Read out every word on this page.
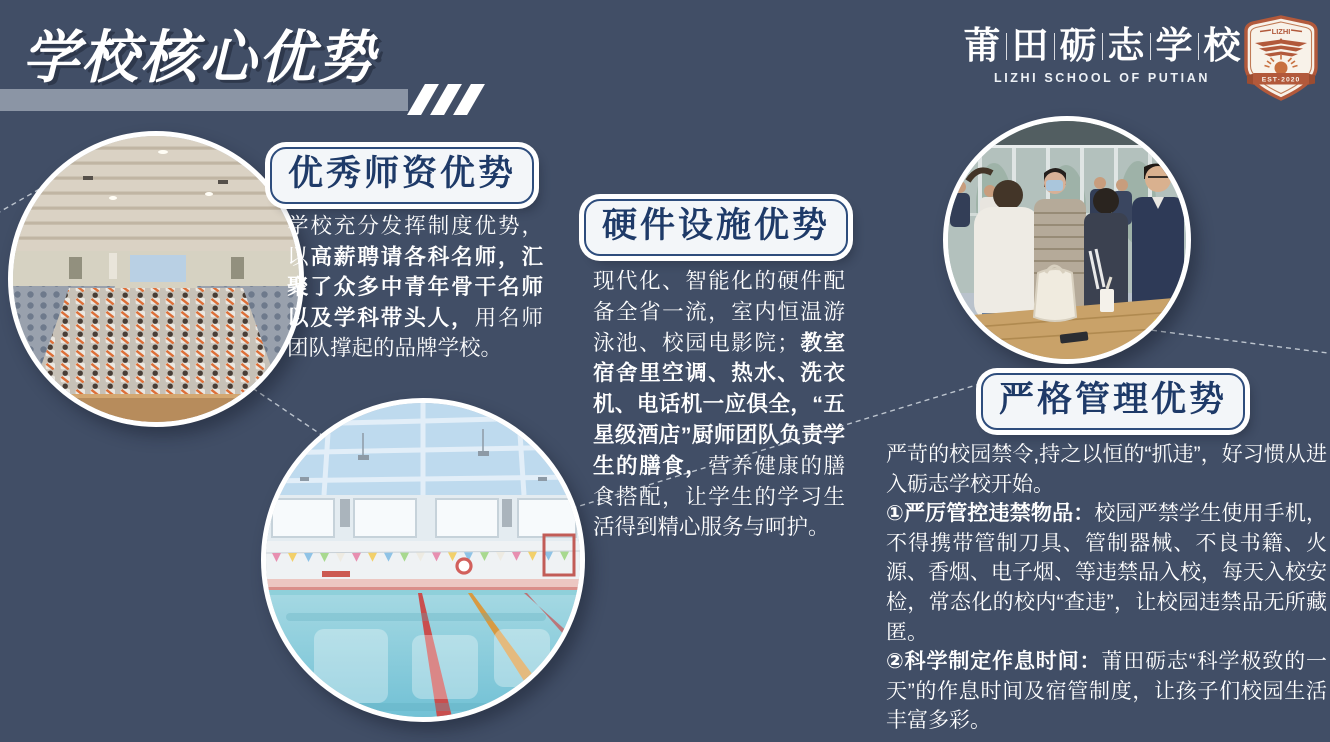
学校核心优势	莆 田 砺 志 学 校
LIZHI SCHOOL OF PUTIAN
LIZHI
EST·2020
优秀师资优势
学校充分发挥制度优势，以高薪聘请各科名师，汇聚了众多中青年骨干名师以及学科带头人，用名师团队撑起的品牌学校。
硬件设施优势
现代化、智能化的硬件配备全省一流，室内恒温游泳池、校园电影院；教室宿舍里空调、热水、洗衣机、电话机一应俱全，“五星级酒店”厨师团队负责学生的膳食，营养健康的膳食搭配，让学生的学习生活得到精心服务与呵护。
严格管理优势
严苛的校园禁令,持之以恒的“抓违”，好习惯从进入砺志学校开始。
①严厉管控违禁物品：校园严禁学生使用手机，不得携带管制刀具、管制器械、不良书籍、火源、香烟、电子烟、等违禁品入校，每天入校安检，常态化的校内“查违”，让校园违禁品无所藏匿。
②科学制定作息时间：莆田砺志“科学极致的一天”的作息时间及宿管制度，让孩子们校园生活丰富多彩。
